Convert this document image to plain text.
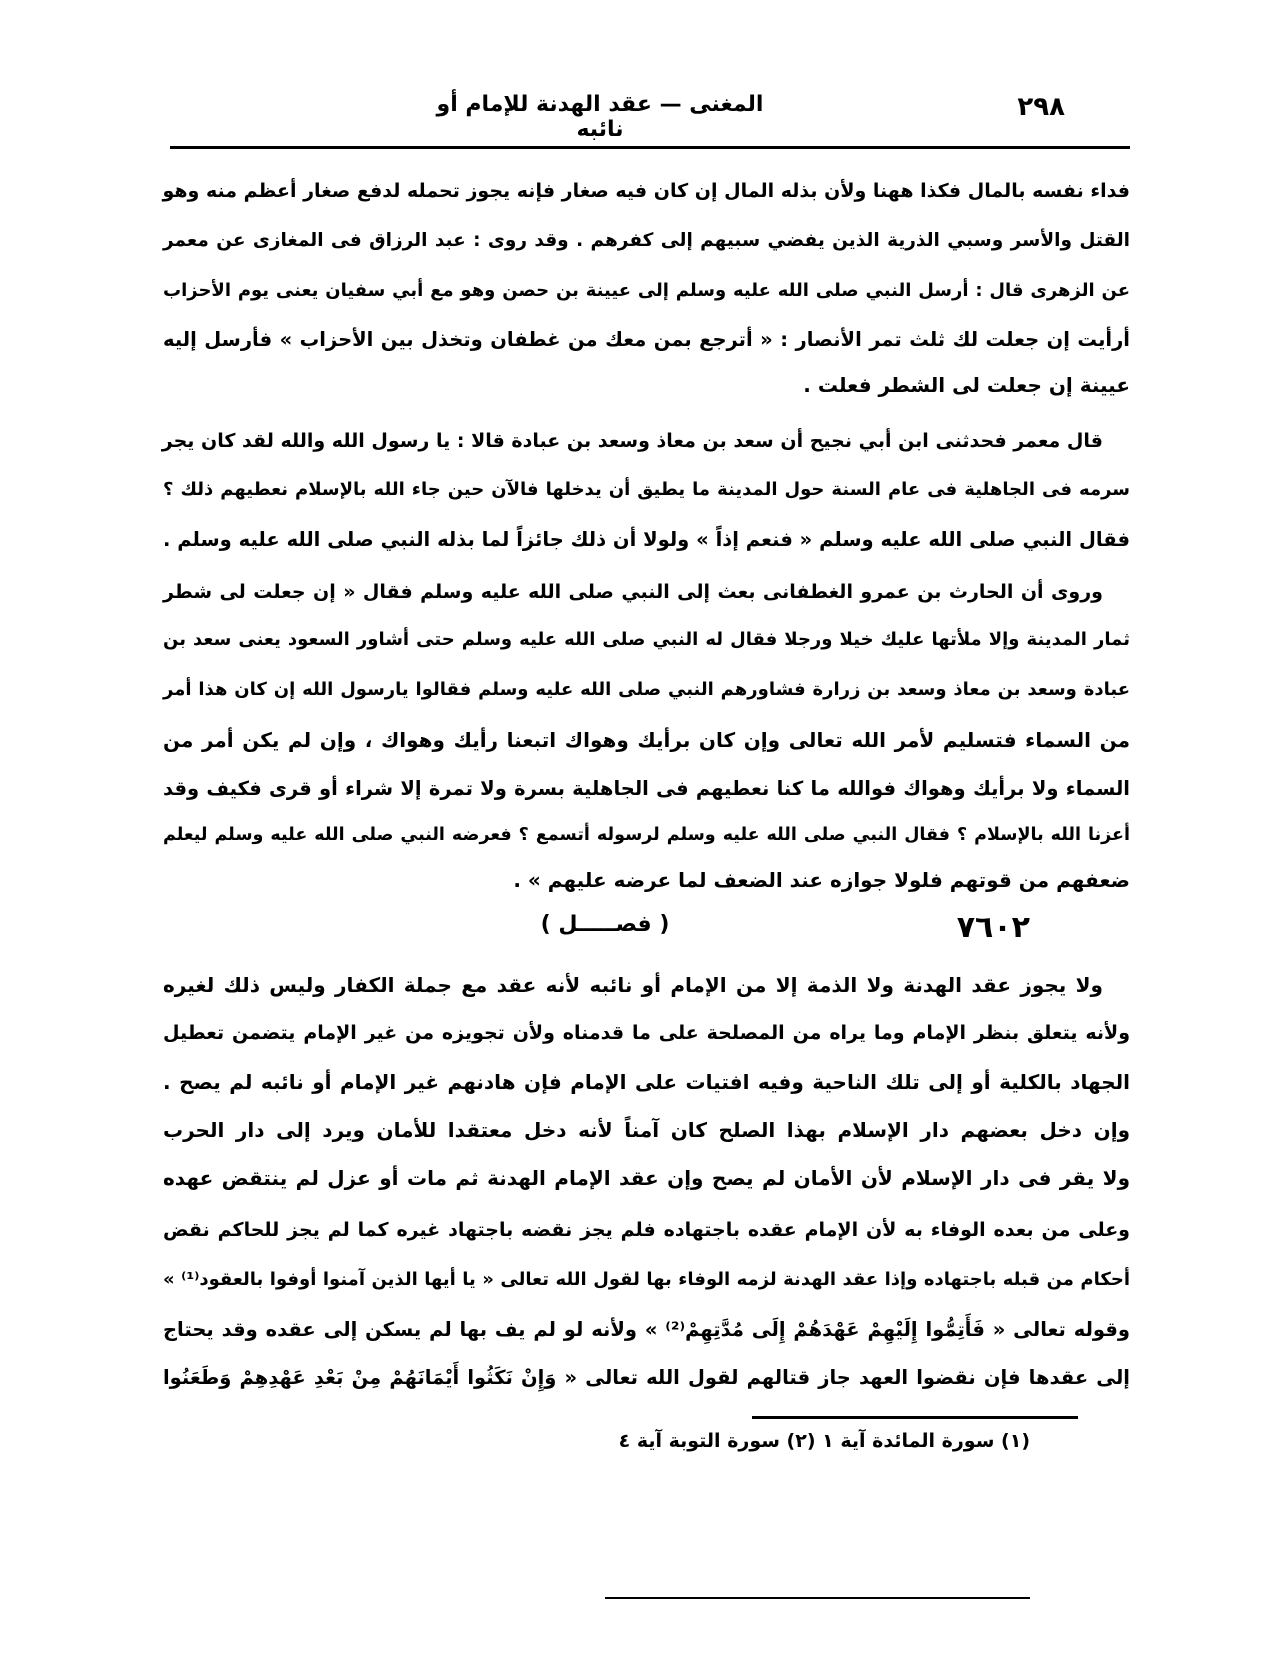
٢٩٨
المغنى — عقد الهدنة للإمام أو نائبه
فداء نفسه بالمال فكذا ههنا ولأن بذله المال إن كان فيه صغار فإنه يجوز تحمله لدفع صغار أعظم منه وهو
القتل والأسر وسبي الذرية الذين يفضي سبيهم إلى كفرهم . وقد روى : عبد الرزاق فى المغازى عن معمر
عن الزهرى قال : أرسل النبي صلى الله عليه وسلم إلى عيينة بن حصن وهو مع أبي سفيان يعنى يوم الأحزاب
أرأيت إن جعلت لك ثلث تمر الأنصار : « أترجع بمن معك من غطفان وتخذل بين الأحزاب » فأرسل إليه
عيينة إن جعلت لى الشطر فعلت .
قال معمر فحدثنى ابن أبي نجيح أن سعد بن معاذ وسعد بن عبادة قالا : يا رسول الله والله لقد كان يجر
سرمه فى الجاهلية فى عام السنة حول المدينة ما يطيق أن يدخلها فالآن حين جاء الله بالإسلام نعطيهم ذلك ؟
فقال النبي صلى الله عليه وسلم « فنعم إذاً » ولولا أن ذلك جائزاً لما بذله النبي صلى الله عليه وسلم .
وروى أن الحارث بن عمرو الغطفانى بعث إلى النبي صلى الله عليه وسلم فقال « إن جعلت لى شطر
ثمار المدينة وإلا ملأتها عليك خيلا ورجلا فقال له النبي صلى الله عليه وسلم حتى أشاور السعود يعنى سعد بن
عبادة وسعد بن معاذ وسعد بن زرارة فشاورهم النبي صلى الله عليه وسلم فقالوا يارسول الله إن كان هذا أمر
من السماء فتسليم لأمر الله تعالى وإن كان برأيك وهواك اتبعنا رأيك وهواك ، وإن لم يكن أمر من
السماء ولا برأيك وهواك فوالله ما كنا نعطيهم فى الجاهلية بسرة ولا تمرة إلا شراء أو قرى فكيف وقد
أعزنا الله بالإسلام ؟ فقال النبي صلى الله عليه وسلم لرسوله أتسمع ؟ فعرضه النبي صلى الله عليه وسلم ليعلم
ضعفهم من قوتهم فلولا جوازه عند الضعف لما عرضه عليهم » .
٧٦٠٢
( فصـــــل )
ولا يجوز عقد الهدنة ولا الذمة إلا من الإمام أو نائبه لأنه عقد مع جملة الكفار وليس ذلك لغيره
ولأنه يتعلق بنظر الإمام وما يراه من المصلحة على ما قدمناه ولأن تجويزه من غير الإمام يتضمن تعطيل
الجهاد بالكلية أو إلى تلك الناحية وفيه افتيات على الإمام فإن هادنهم غير الإمام أو نائبه لم يصح .
وإن دخل بعضهم دار الإسلام بهذا الصلح كان آمناً لأنه دخل معتقدا للأمان ويرد إلى دار الحرب
ولا يقر فى دار الإسلام لأن الأمان لم يصح وإن عقد الإمام الهدنة ثم مات أو عزل لم ينتقض عهده
وعلى من بعده الوفاء به لأن الإمام عقده باجتهاده فلم يجز نقضه باجتهاد غيره كما لم يجز للحاكم نقض
أحكام من قبله باجتهاده وإذا عقد الهدنة لزمه الوفاء بها لقول الله تعالى « يا أيها الذين آمنوا أوفوا بالعقود⁽¹⁾ »
وقوله تعالى « فَأَتِمُّوا إِلَيْهِمْ عَهْدَهُمْ إِلَى مُدَّتِهِمْ⁽²⁾ » ولأنه لو لم يف بها لم يسكن إلى عقده وقد يحتاج
إلى عقدها فإن نقضوا العهد جاز قتالهم لقول الله تعالى « وَإِنْ نَكَثُوا أَيْمَانَهُمْ مِنْ بَعْدِ عَهْدِهِمْ وَطَعَنُوا
(١) سورة المائدة آية ١ (٢) سورة التوبة آية ٤
